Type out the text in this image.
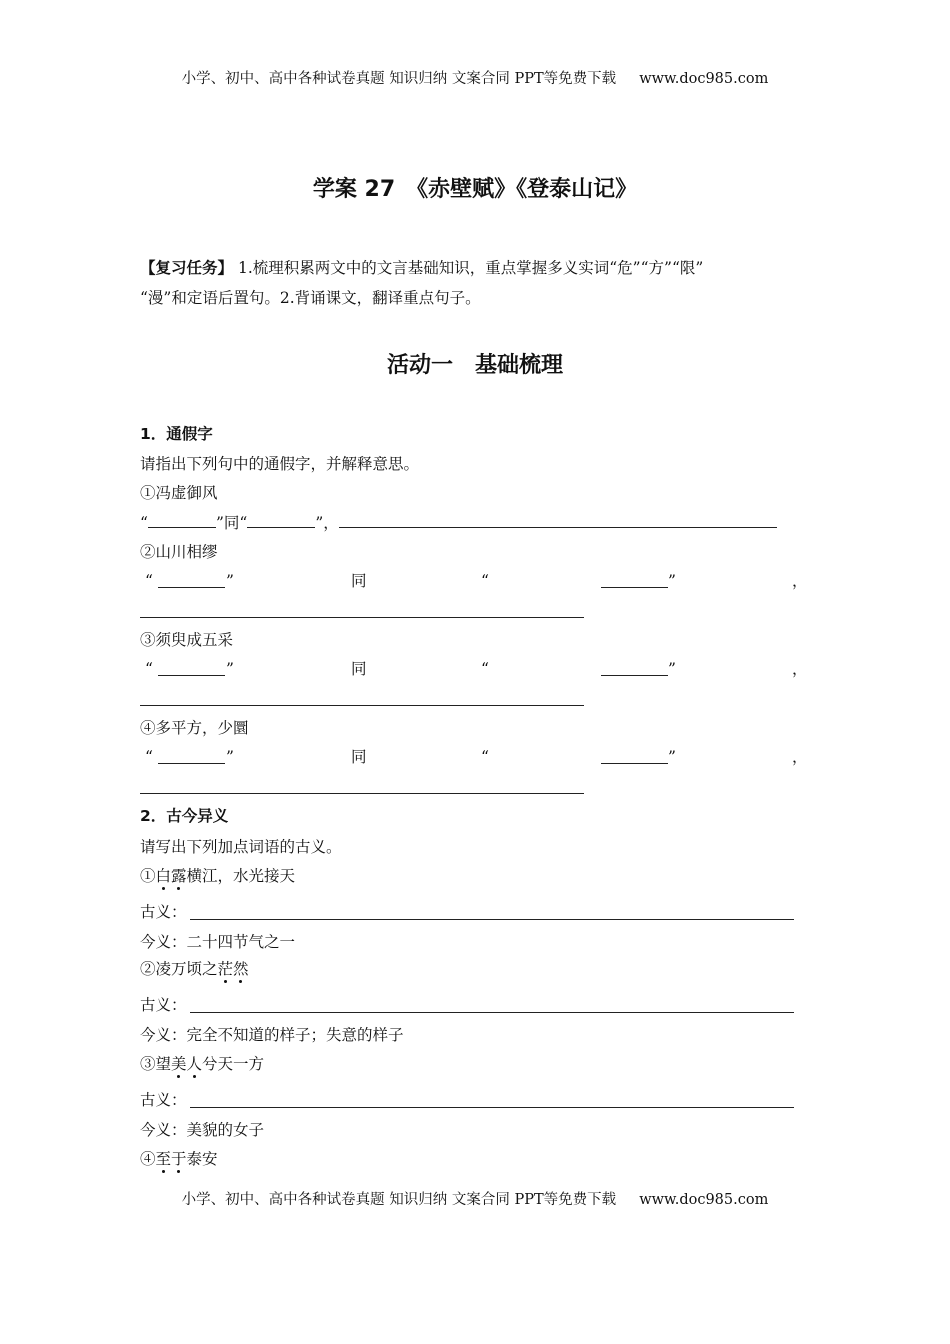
小学、初中、高中各种试卷真题 知识归纳 文案合同 PPT等免费下载 www.doc985.com
学案 27　《赤壁赋》《登泰山记》
【复习任务】 1.梳理积累两文中的文言基础知识，重点掌握多义实词“危”“方”“限”
“漫”和定语后置句。2.背诵课文，翻译重点句子。
活动一　基础梳理
1．通假字
请指出下列句中的通假字，并解释意思。
①冯虚御风
“	”同“	”，
②山川相缪
“	”	同	“	”	，
③须臾成五采
“	”	同	“	”	，
④多平方，少圜
“	”	同	“	”	，
2．古今异义
请写出下列加点词语的古义。
①白露横江，水光接天
古义：
今义：二十四节气之一
②凌万顷之茫然
古义：
今义：完全不知道的样子；失意的样子
③望美人兮天一方
古义：
今义：美貌的女子
④至于泰安
小学、初中、高中各种试卷真题 知识归纳 文案合同 PPT等免费下载 www.doc985.com
